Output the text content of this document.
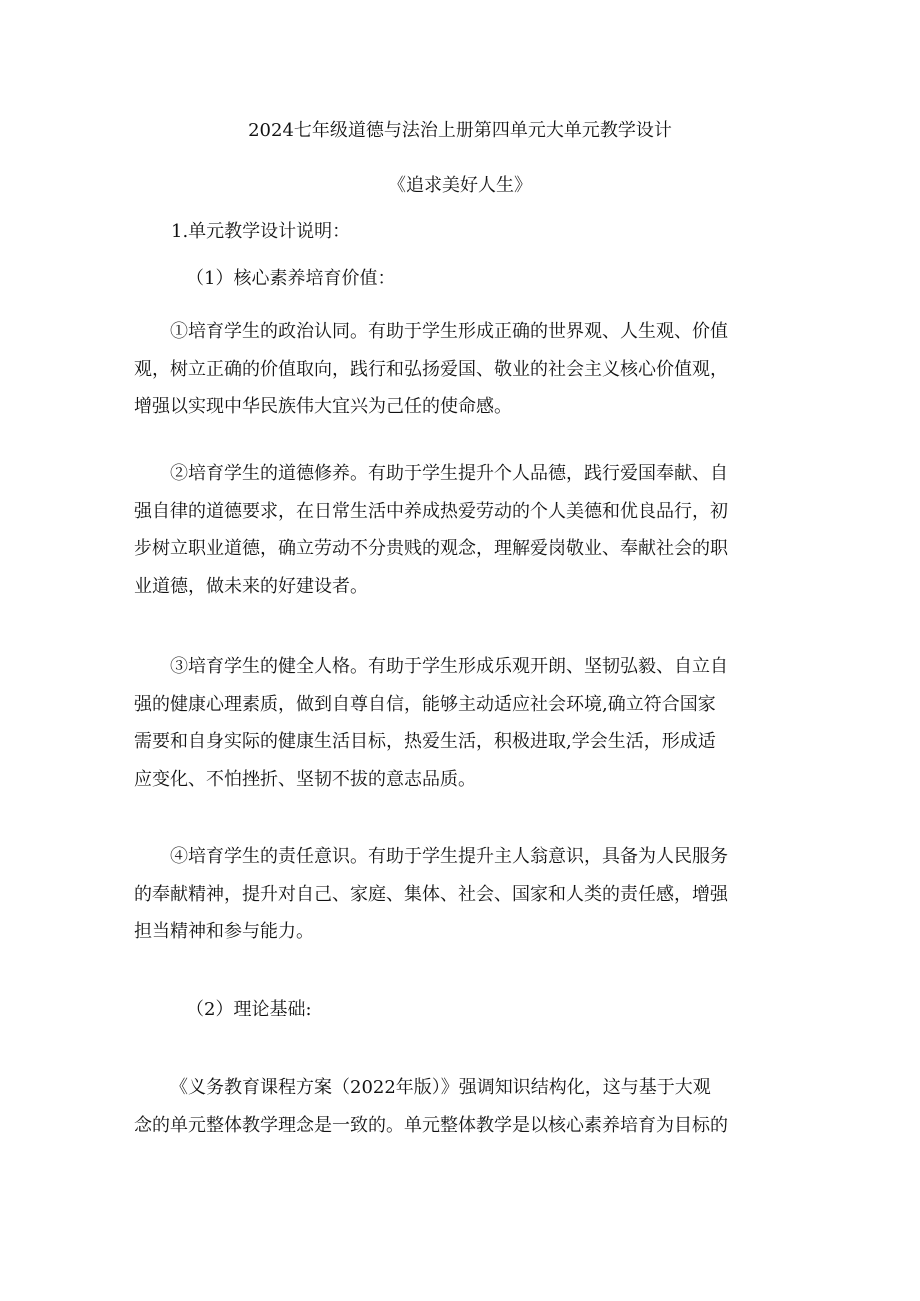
2024七年级道德与法治上册第四单元大单元教学设计
《追求美好人生》
1.单元教学设计说明：
（1）核心素养培育价值：
①培育学生的政治认同。有助于学生形成正确的世界观、人生观、价值
观，树立正确的价值取向，践行和弘扬爱国、敬业的社会主义核心价值观，
增强以实现中华民族伟大宜兴为己任的使命感。
②培育学生的道德修养。有助于学生提升个人品德，践行爱国奉献、自
强自律的道德要求，在日常生活中养成热爱劳动的个人美德和优良品行，初
步树立职业道德，确立劳动不分贵贱的观念，理解爱岗敬业、奉献社会的职
业道德，做未来的好建设者。
③培育学生的健全人格。有助于学生形成乐观开朗、坚韧弘毅、自立自
强的健康心理素质，做到自尊自信，能够主动适应社会环境,确立符合国家
需要和自身实际的健康生活目标，热爱生活，积极进取,学会生活，形成适
应变化、不怕挫折、坚韧不拔的意志品质。
④培育学生的责任意识。有助于学生提升主人翁意识，具备为人民服务
的奉献精神，提升对自己、家庭、集体、社会、国家和人类的责任感，增强
担当精神和参与能力。
（2）理论基础:
《义务教育课程方案（2022年版）》强调知识结构化，这与基于大观
念的单元整体教学理念是一致的。单元整体教学是以核心素养培育为目标的
